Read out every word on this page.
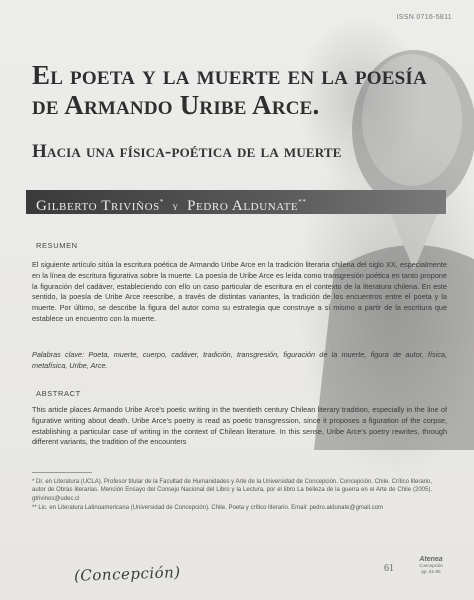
ISSN 0716-5811
El poeta y la muerte en la poesía de Armando Uribe Arce.
Hacia una física-poética de la muerte
Gilberto Triviños* y Pedro Aldunate**
RESUMEN

El siguiente artículo sitúa la escritura poética de Armando Uribe Arce en la tradición literaria chilena del siglo XX, especialmente en la línea de escritura figurativa sobre la muerte. La poesía de Uribe Arce es leída como transgresión poética en tanto propone la figuración del cadáver, estableciendo con ello un caso particular de escritura en el contexto de la literatura chilena. En este sentido, la poesía de Uribe Arce reescribe, a través de distintas variantes, la tradición de los encuentros entre el poeta y la muerte. Por último, se describe la figura del autor como su estrategia que construye a sí mismo a partir de la escritura que establece un encuentro con la muerte.

Palabras clave: Poeta, muerte, cuerpo, cadáver, tradición, transgresión, figuración de la muerte, figura de autor, física, metafísica, Uribe, Arce.

ABSTRACT

This article places Armando Uribe Arce's poetic writing in the twentieth century Chilean literary tradition, especially in the line of figurative writing about death. Uribe Arce's poetry is read as poetic transgression, since it proposes a figuration of the corpse, establishing a particular case of writing in the context of Chilean literature. In this sense, Uribe Arce's poetry rewrites, through different variants, the tradition of the encounters

* Dr. en Literatura (UCLA). Profesor titular de la Facultad de Humanidades y Arte de la Universidad de Concepción. Concepción, Chile. Crítico literario, autor de Obras literarias. Mención Ensayo del Consejo Nacional del Libro y la Lectura, por el libro La belleza de la guerra en el Arte de Chile (2005). gtrivinos@udec.cl

** Lic. en Literatura Latinoamericana (Universidad de Concepción). Chile. Poeta y crítico literario. Email: pedro.aldunate@gmail.com

(Concepción)	61
Atenea
Concepción
pp. 61-90
